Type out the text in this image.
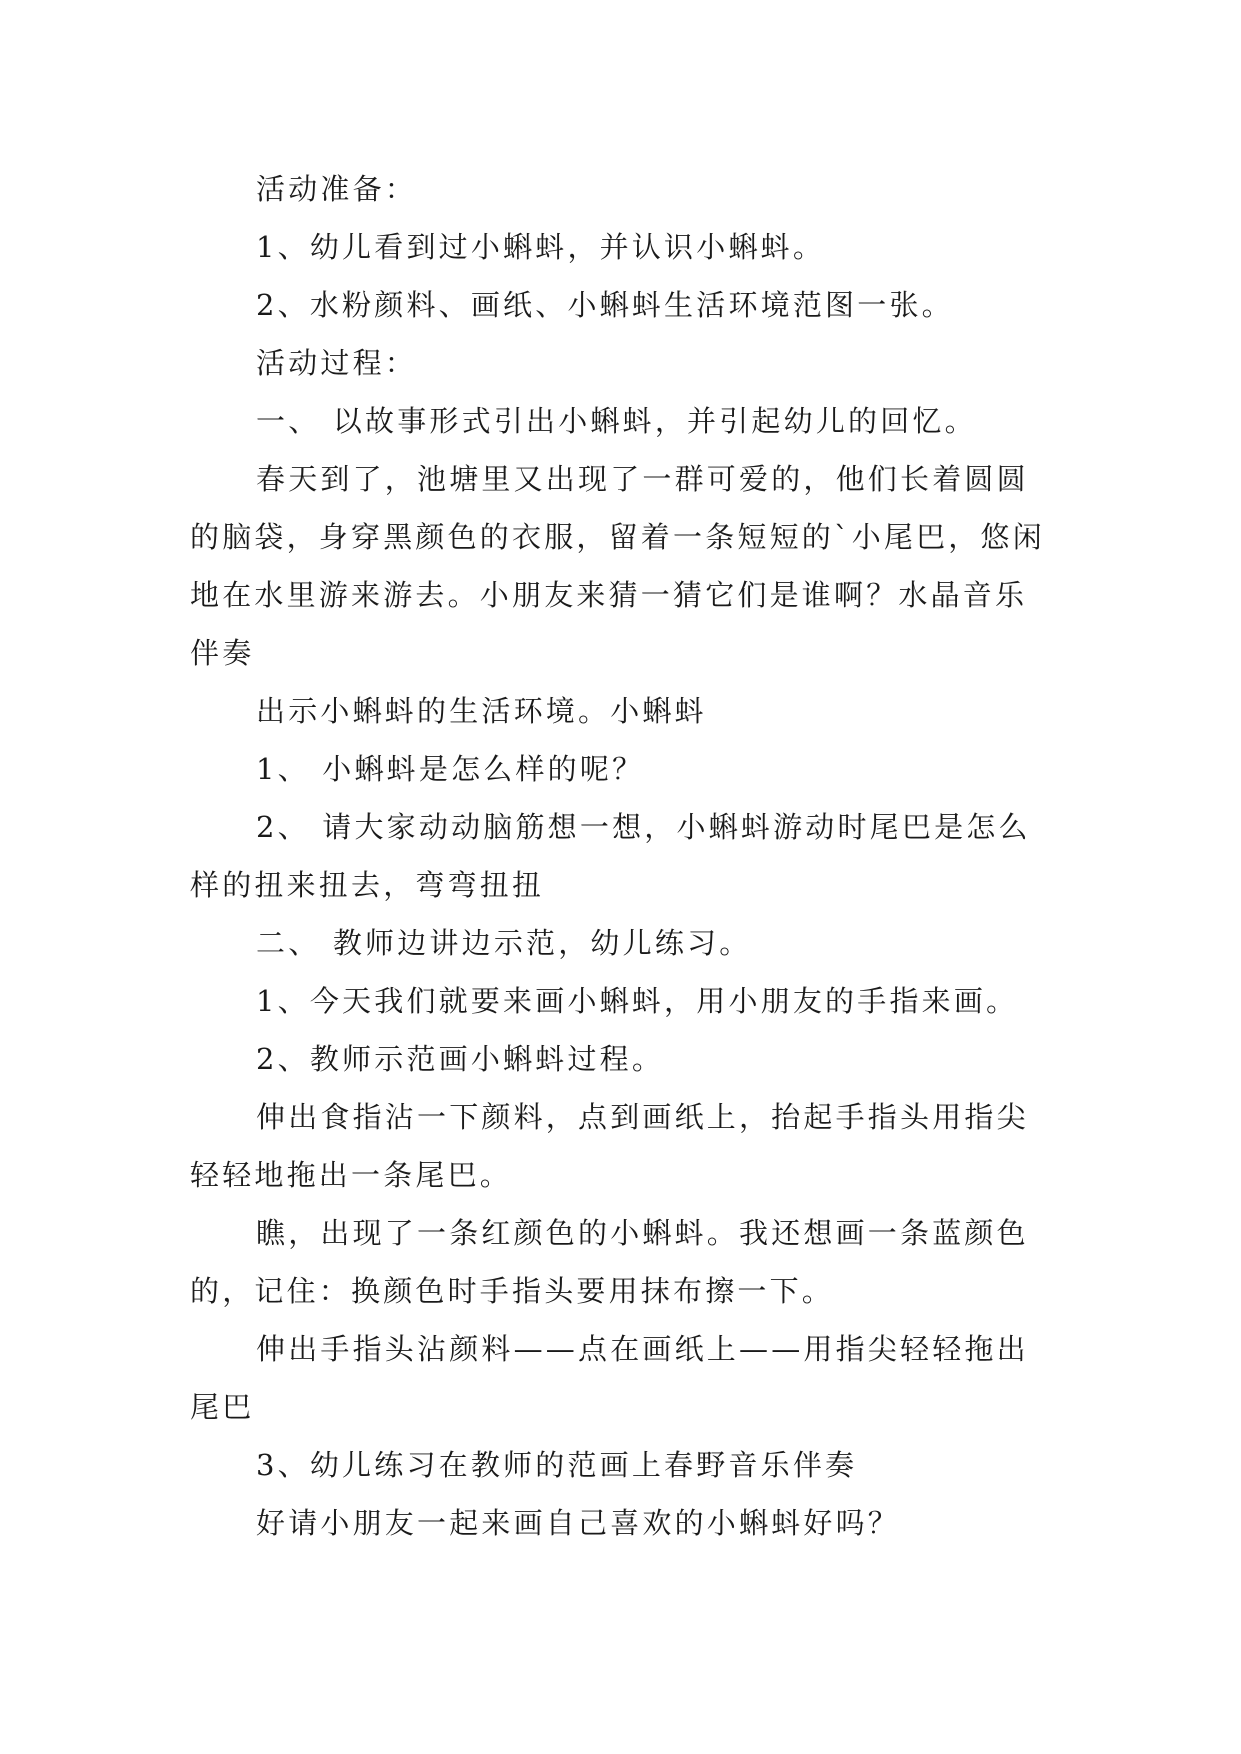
活动准备：

1、幼儿看到过小蝌蚪，并认识小蝌蚪。

2、水粉颜料、画纸、小蝌蚪生活环境范图一张。

活动过程：

一、 以故事形式引出小蝌蚪，并引起幼儿的回忆。

春天到了，池塘里又出现了一群可爱的，他们长着圆圆的脑袋，身穿黑颜色的衣服，留着一条短短的`小尾巴，悠闲地在水里游来游去。小朋友来猜一猜它们是谁啊？水晶音乐伴奏

出示小蝌蚪的生活环境。小蝌蚪

1、 小蝌蚪是怎么样的呢？

2、 请大家动动脑筋想一想，小蝌蚪游动时尾巴是怎么样的扭来扭去，弯弯扭扭

二、 教师边讲边示范，幼儿练习。

1、今天我们就要来画小蝌蚪，用小朋友的手指来画。

2、教师示范画小蝌蚪过程。

伸出食指沾一下颜料，点到画纸上，抬起手指头用指尖轻轻地拖出一条尾巴。

瞧，出现了一条红颜色的小蝌蚪。我还想画一条蓝颜色的，记住：换颜色时手指头要用抹布擦一下。

伸出手指头沾颜料——点在画纸上——用指尖轻轻拖出尾巴

3、幼儿练习在教师的范画上春野音乐伴奏

好请小朋友一起来画自己喜欢的小蝌蚪好吗？
